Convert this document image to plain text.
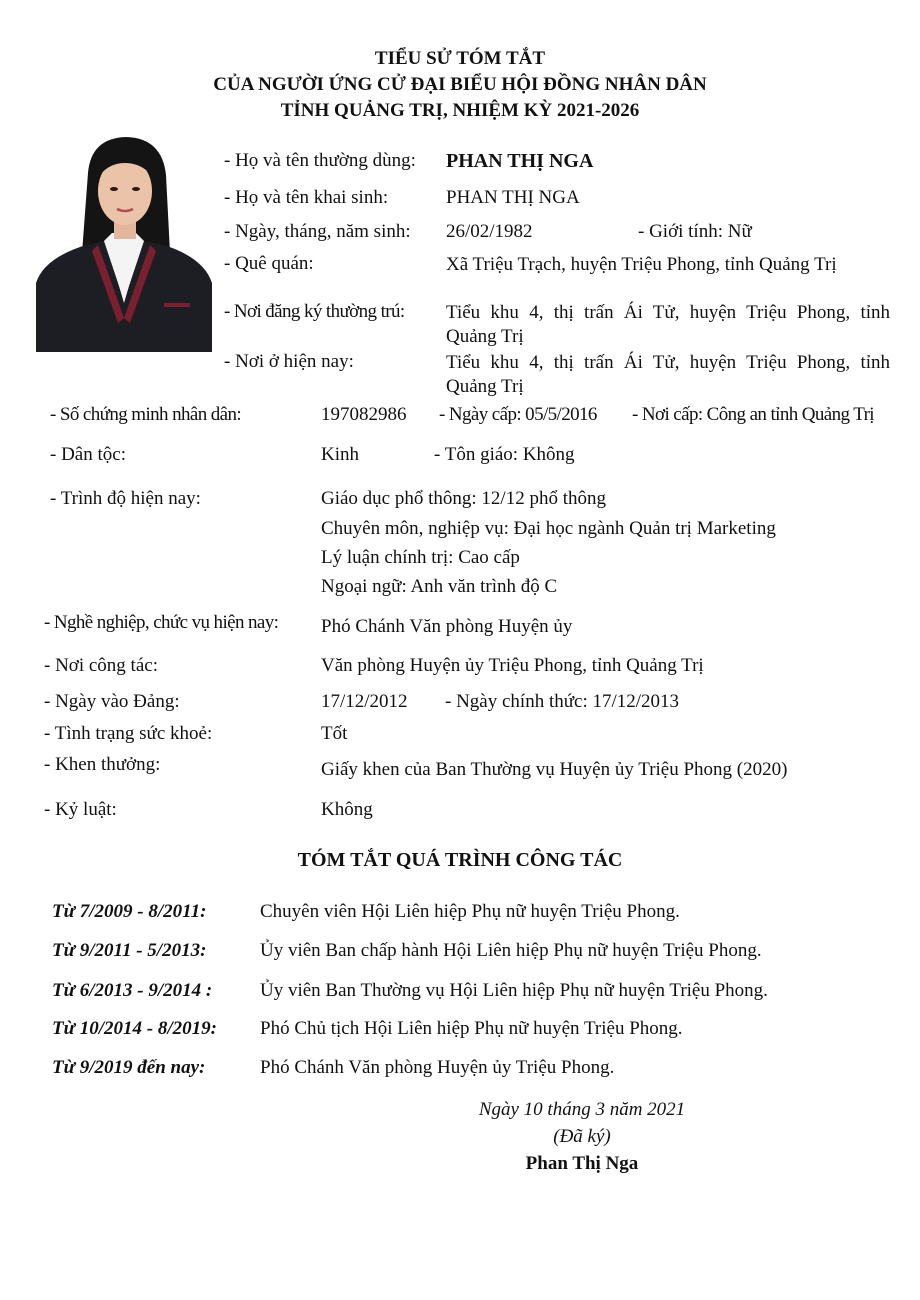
TIỂU SỬ TÓM TẮT
CỦA NGƯỜI ỨNG CỬ ĐẠI BIỂU HỘI ĐỒNG NHÂN DÂN
TỈNH QUẢNG TRỊ, NHIỆM KỲ 2021-2026
- Họ và tên thường dùng: PHAN THỊ NGA
- Họ và tên khai sinh:	PHAN THỊ NGA
- Ngày, tháng, năm sinh: 26/02/1982	- Giới tính: Nữ
- Quê quán:	Xã Triệu Trạch, huyện Triệu Phong, tỉnh Quảng Trị
- Nơi đăng ký thường trú: Tiểu khu 4, thị trấn Ái Tử, huyện Triệu Phong, tỉnh Quảng Trị
- Nơi ở hiện nay:	Tiểu khu 4, thị trấn Ái Tử, huyện Triệu Phong, tỉnh Quảng Trị
- Số chứng minh nhân dân:	197082986 - Ngày cấp: 05/5/2016 - Nơi cấp: Công an tỉnh Quảng Trị
- Dân tộc:	Kinh	- Tôn giáo: Không
- Trình độ hiện nay:	Giáo dục phổ thông: 12/12 phổ thông
Chuyên môn, nghiệp vụ: Đại học ngành Quản trị Marketing
Lý luận chính trị: Cao cấp
Ngoại ngữ: Anh văn trình độ C
- Nghề nghiệp, chức vụ hiện nay: Phó Chánh Văn phòng Huyện ủy
- Nơi công tác:	Văn phòng Huyện ủy Triệu Phong, tỉnh Quảng Trị
- Ngày vào Đảng:	17/12/2012 - Ngày chính thức: 17/12/2013
- Tình trạng sức khoẻ:	Tốt
- Khen thưởng:	Giấy khen của Ban Thường vụ Huyện ủy Triệu Phong (2020)
- Kỷ luật:	Không
TÓM TẮT QUÁ TRÌNH CÔNG TÁC
Từ 7/2009 - 8/2011:	Chuyên viên Hội Liên hiệp Phụ nữ huyện Triệu Phong.
Từ 9/2011 - 5/2013:	Ủy viên Ban chấp hành Hội Liên hiệp Phụ nữ huyện Triệu Phong.
Từ 6/2013 - 9/2014 :	Ủy viên Ban Thường vụ Hội Liên hiệp Phụ nữ huyện Triệu Phong.
Từ 10/2014 - 8/2019: Phó Chủ tịch Hội Liên hiệp Phụ nữ huyện Triệu Phong.
Từ 9/2019 đến nay:	Phó Chánh Văn phòng Huyện ủy Triệu Phong.
Ngày 10 tháng 3 năm 2021
(Đã ký)
Phan Thị Nga
